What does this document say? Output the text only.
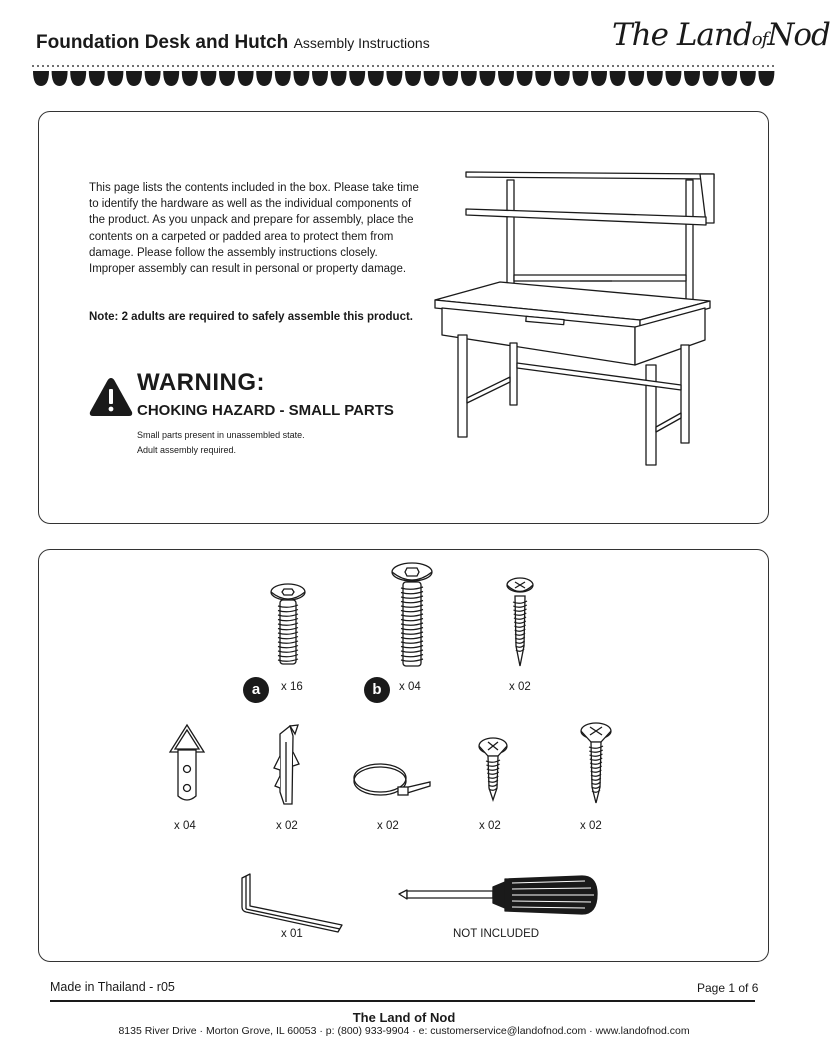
Foundation Desk and Hutch Assembly Instructions	The LandofNod
This page lists the contents included in the box. Please take time to identify the hardware as well as the individual components of the product. As you unpack and prepare for assembly, place the contents on a carpeted or padded area to protect them from damage. Please follow the assembly instructions closely. Improper assembly can result in personal or property damage.
Note: 2 adults are required to safely assemble this product.
WARNING:
CHOKING HAZARD - SMALL PARTS
Small parts present in unassembled state.
Adult assembly required.
a	x 16	b	x 04	x 02
x 04	x 02	x 02	x 02	x 02
x 01	NOT INCLUDED
Made in Thailand - r05	Page 1 of 6
The Land of Nod
8135 River Drive · Morton Grove, IL 60053 · p: (800) 933-9904 · e: customerservice@landofnod.com · www.landofnod.com
